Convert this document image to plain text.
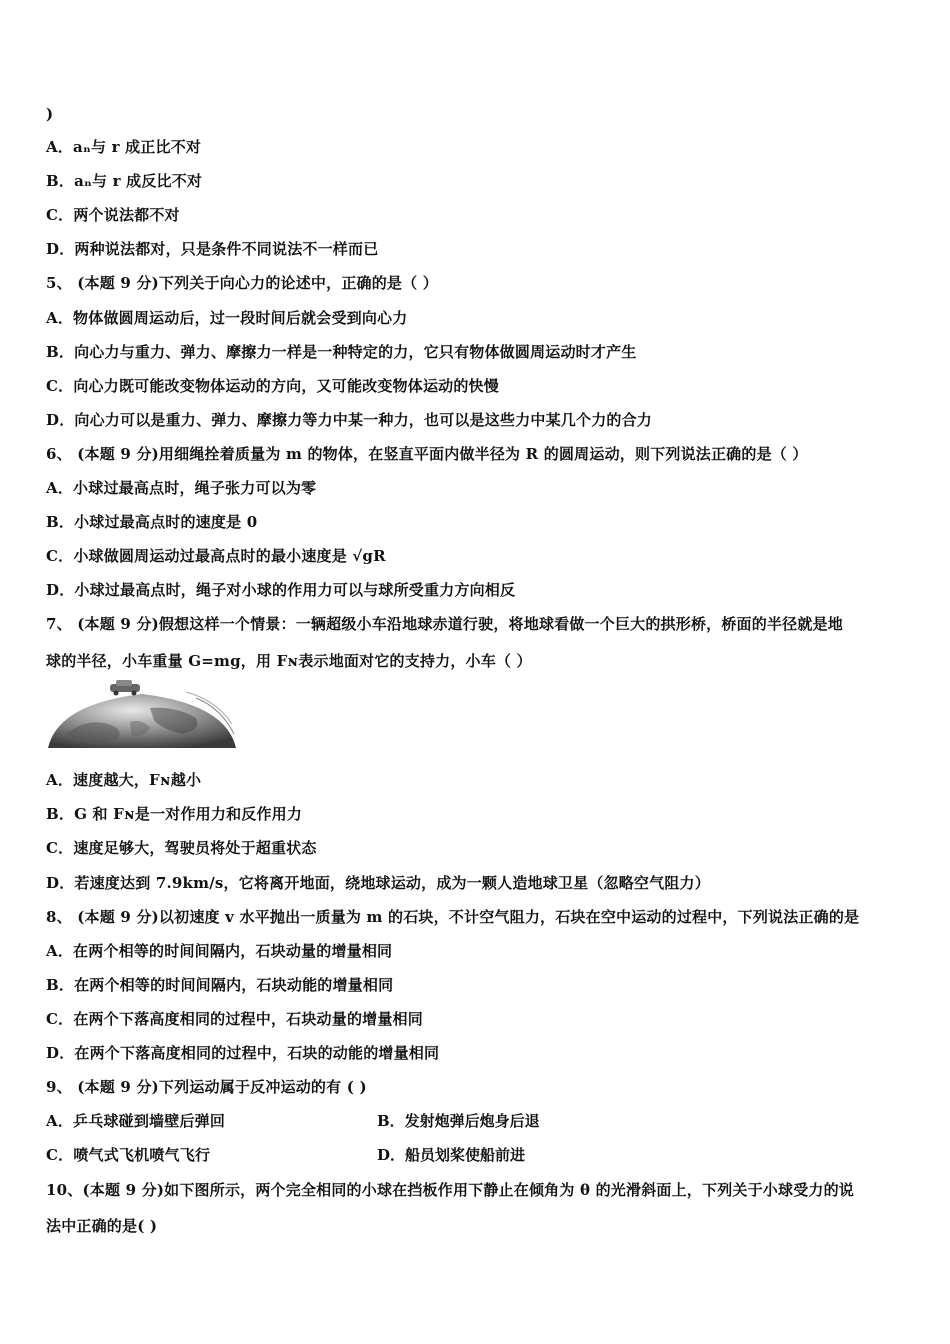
)
A．aₙ与 r 成正比不对
B．aₙ与 r 成反比不对
C．两个说法都不对
D．两种说法都对，只是条件不同说法不一样而已
5、 (本题 9 分)下列关于向心力的论述中，正确的是（ ）
A．物体做圆周运动后，过一段时间后就会受到向心力
B．向心力与重力、弹力、摩擦力一样是一种特定的力，它只有物体做圆周运动时才产生
C．向心力既可能改变物体运动的方向，又可能改变物体运动的快慢
D．向心力可以是重力、弹力、摩擦力等力中某一种力，也可以是这些力中某几个力的合力
6、 (本题 9 分)用细绳拴着质量为 m 的物体，在竖直平面内做半径为 R 的圆周运动，则下列说法正确的是（ ）
A．小球过最高点时，绳子张力可以为零
B．小球过最高点时的速度是 0
C．小球做圆周运动过最高点时的最小速度是 √gR
D．小球过最高点时，绳子对小球的作用力可以与球所受重力方向相反
7、 (本题 9 分)假想这样一个情景：一辆超级小车沿地球赤道行驶，将地球看做一个巨大的拱形桥，桥面的半径就是地
球的半径，小车重量 G=mg，用 Fɴ表示地面对它的支持力，小车（ ）
A．速度越大，Fɴ越小
B．G 和 Fɴ是一对作用力和反作用力
C．速度足够大，驾驶员将处于超重状态
D．若速度达到 7.9km/s，它将离开地面，绕地球运动，成为一颗人造地球卫星（忽略空气阻力）
8、 (本题 9 分)以初速度 v 水平抛出一质量为 m 的石块，不计空气阻力，石块在空中运动的过程中，下列说法正确的是
A．在两个相等的时间间隔内，石块动量的增量相同
B．在两个相等的时间间隔内，石块动能的增量相同
C．在两个下落高度相同的过程中，石块动量的增量相同
D．在两个下落高度相同的过程中，石块的动能的增量相同
9、 (本题 9 分)下列运动属于反冲运动的有 ( )
A．乒乓球碰到墙壁后弹回	B．发射炮弹后炮身后退
C．喷气式飞机喷气飞行	D．船员划桨使船前进
10、(本题 9 分)如下图所示，两个完全相同的小球在挡板作用下静止在倾角为 θ 的光滑斜面上，下列关于小球受力的说
法中正确的是( )
